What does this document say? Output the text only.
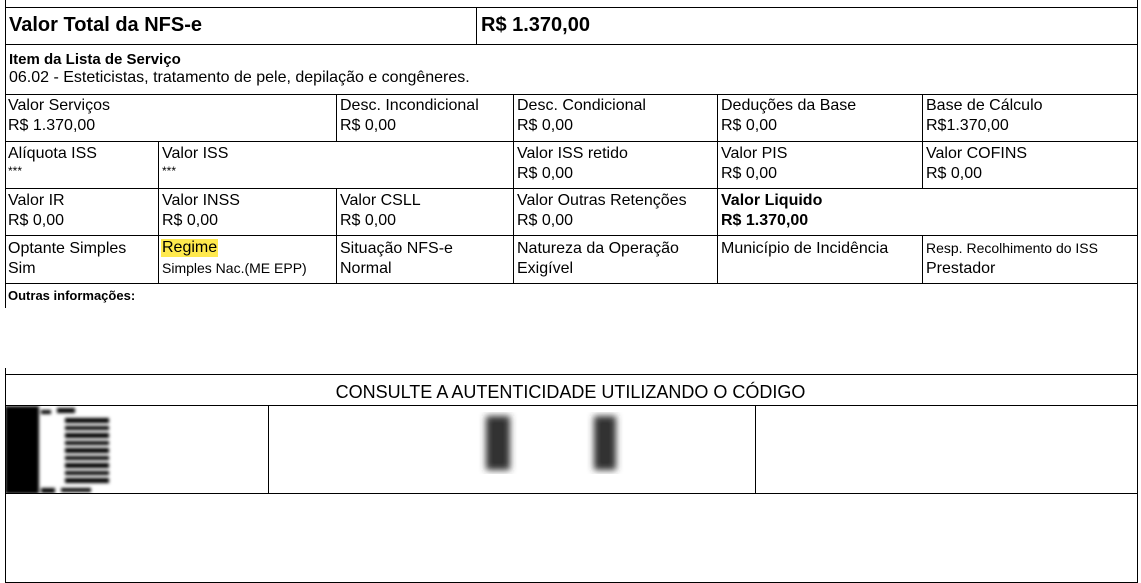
Valor Total da NFS-e	R$ 1.370,00
Item da Lista de Serviço
06.02 - Esteticistas, tratamento de pele, depilação e congêneres.
Valor Serviços
R$ 1.370,00
Desc. Incondicional
R$ 0,00
Desc. Condicional
R$ 0,00
Deduções da Base
R$ 0,00
Base de Cálculo
R$1.370,00
Alíquota ISS
***
Valor ISS
***
Valor ISS retido
R$ 0,00
Valor PIS
R$ 0,00
Valor COFINS
R$ 0,00
Valor IR
R$ 0,00
Valor INSS
R$ 0,00
Valor CSLL
R$ 0,00
Valor Outras Retenções
R$ 0,00
Valor Liquido
R$ 1.370,00
Optante Simples
Sim
Regime
Simples Nac.(ME EPP)
Situação NFS-e
Normal
Natureza da Operação
Exigível
Município de Incidência	Resp. Recolhimento do ISS
Prestador
Outras informações:
CONSULTE A AUTENTICIDADE UTILIZANDO O CÓDIGO
